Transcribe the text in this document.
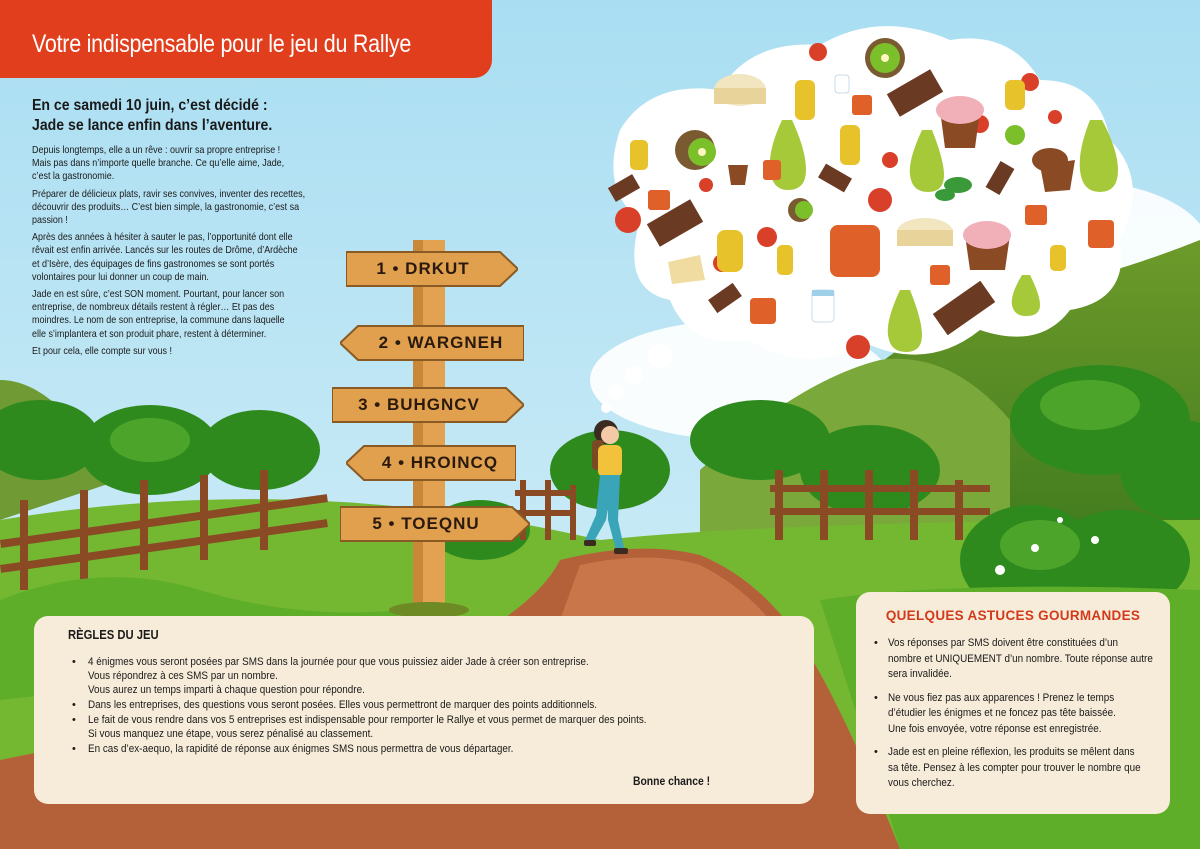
1 • DRKUT
2 • WARGNEH
3 • BUHGNCV
4 • HROINCQ
5 • TOEQNU
Votre indispensable pour le jeu du Rallye
En ce samedi 10 juin, c’est décidé :
Jade se lance enfin dans l’aventure.
Depuis longtemps, elle a un rêve : ouvrir sa propre entreprise !
Mais pas dans n’importe quelle branche. Ce qu’elle aime, Jade,
c’est la gastronomie.
Préparer de délicieux plats, ravir ses convives, inventer des recettes,
découvrir des produits… C’est bien simple, la gastronomie, c’est sa
passion !
Après des années à hésiter à sauter le pas, l’opportunité dont elle
rêvait est enfin arrivée. Lancés sur les routes de Drôme, d’Ardèche
et d’Isère, des équipages de fins gastronomes se sont portés
volontaires pour lui donner un coup de main.
Jade en est sûre, c’est SON moment. Pourtant, pour lancer son
entreprise, de nombreux détails restent à régler… Et pas des
moindres. Le nom de son entreprise, la commune dans laquelle
elle s’implantera et son produit phare, restent à déterminer.
Et pour cela, elle compte sur vous !
RÈGLES DU JEU
• 4 énigmes vous seront posées par SMS dans la journée pour que vous puissiez aider Jade à créer son entreprise.
Vous répondrez à ces SMS par un nombre.
Vous aurez un temps imparti à chaque question pour répondre.
• Dans les entreprises, des questions vous seront posées. Elles vous permettront de marquer des points additionnels.
• Le fait de vous rendre dans vos 5 entreprises est indispensable pour remporter le Rallye et vous permet de marquer des points.
Si vous manquez une étape, vous serez pénalisé au classement.
• En cas d’ex-aequo, la rapidité de réponse aux énigmes SMS nous permettra de vous départager.
Bonne chance !
QUELQUES ASTUCES GOURMANDES
• Vos réponses par SMS doivent être constituées d’un
nombre et UNIQUEMENT d’un nombre. Toute réponse autre
sera invalidée.
• Ne vous fiez pas aux apparences ! Prenez le temps
d’étudier les énigmes et ne foncez pas tête baissée.
Une fois envoyée, votre réponse est enregistrée.
• Jade est en pleine réflexion, les produits se mêlent dans
sa tête. Pensez à les compter pour trouver le nombre que
vous cherchez.
